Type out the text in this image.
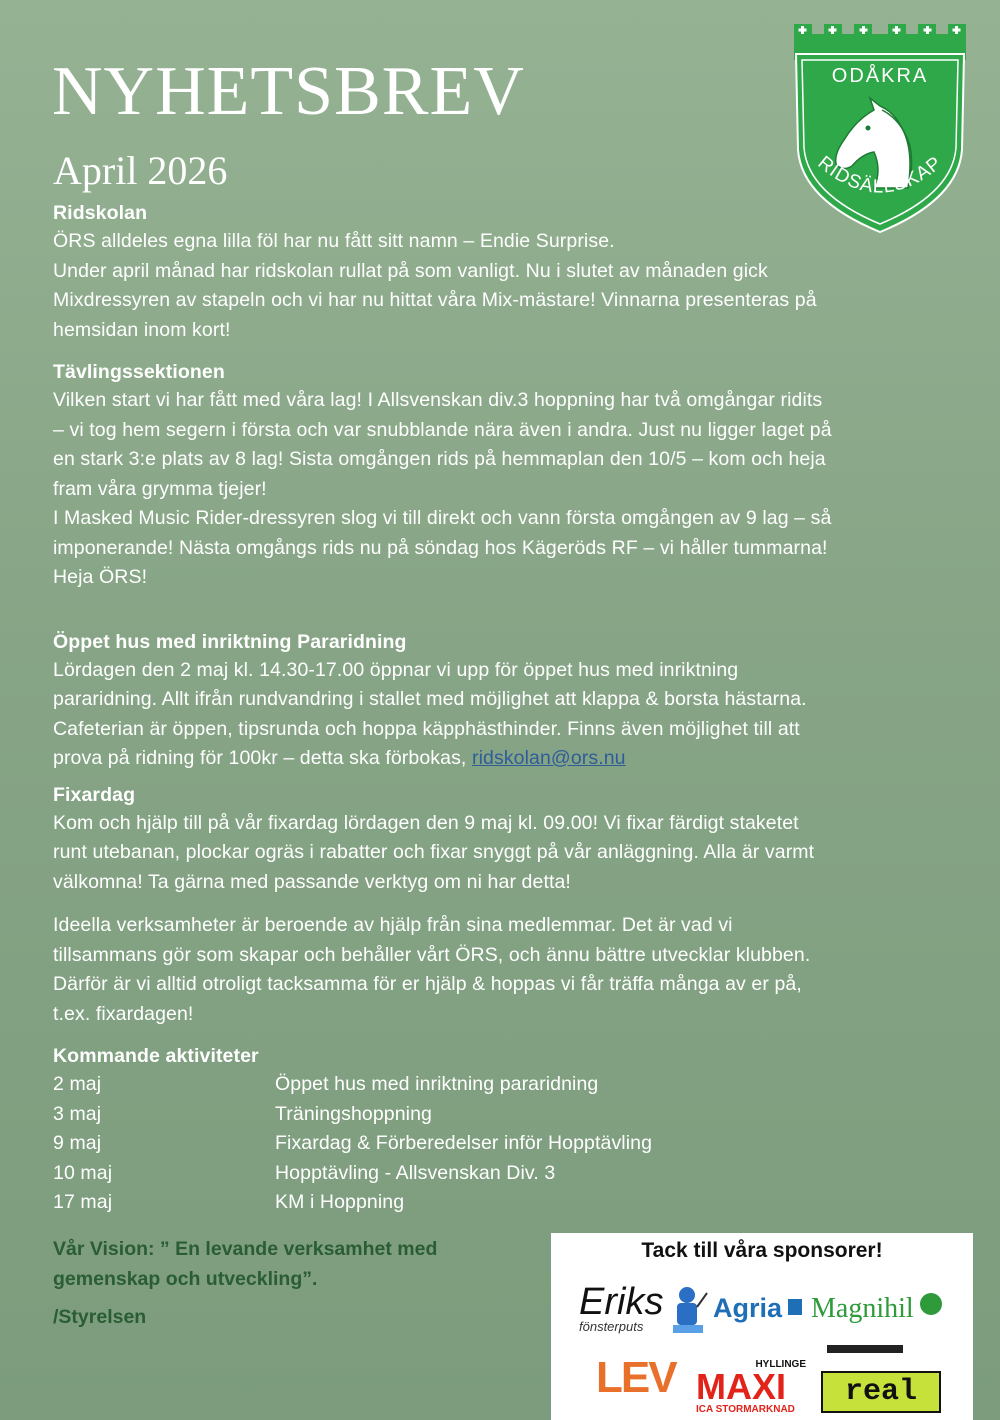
NYHETSBREV
April 2026
ODÅKRA
RIDSÄLLSKAP
Ridskolan

ÖRS alldeles egna lilla föl har nu fått sitt namn – Endie Surprise.

Under april månad har ridskolan rullat på som vanligt. Nu i slutet av månaden gick

Mixdressyren av stapeln och vi har nu hittat våra Mix-mästare! Vinnarna presenteras på

hemsidan inom kort!

Tävlingssektionen

Vilken start vi har fått med våra lag! I Allsvenskan div.3 hoppning har två omgångar ridits

– vi tog hem segern i första och var snubblande nära även i andra. Just nu ligger laget på

en stark 3:e plats av 8 lag! Sista omgången rids på hemmaplan den 10/5 – kom och heja

fram våra grymma tjejer!

I Masked Music Rider-dressyren slog vi till direkt och vann första omgången av 9 lag – så

imponerande! Nästa omgångs rids nu på söndag hos Kägeröds RF – vi håller tummarna!

Heja ÖRS!

Öppet hus med inriktning Pararidning

Lördagen den 2 maj kl. 14.30-17.00 öppnar vi upp för öppet hus med inriktning

pararidning. Allt ifrån rundvandring i stallet med möjlighet att klappa & borsta hästarna.

Cafeterian är öppen, tipsrunda och hoppa käpphästhinder. Finns även möjlighet till att

prova på ridning för 100kr – detta ska förbokas, ridskolan@ors.nu

Fixardag

Kom och hjälp till på vår fixardag lördagen den 9 maj kl. 09.00! Vi fixar färdigt staketet

runt utebanan, plockar ogräs i rabatter och fixar snyggt på vår anläggning. Alla är varmt

välkomna! Ta gärna med passande verktyg om ni har detta!

Ideella verksamheter är beroende av hjälp från sina medlemmar. Det är vad vi

tillsammans gör som skapar och behåller vårt ÖRS, och ännu bättre utvecklar klubben.

Därför är vi alltid otroligt tacksamma för er hjälp & hoppas vi får träffa många av er på,

t.ex. fixardagen!

Kommande aktiviteter
2 maj	Öppet hus med inriktning pararidning
3 maj	Träningshoppning
9 maj	Fixardag & Förberedelser inför Hopptävling
10 maj	Hopptävling - Allsvenskan Div. 3
17 maj	KM i Hoppning
Vår Vision: ” En levande verksamhet med
gemenskap och utveckling”.
/Styrelsen
Tack till våra sponsorer!
Eriks
fönsterputs
Agria	Magnihil
LEV	HYLLINGE
MAXI
ICA STORMARKNAD
real
